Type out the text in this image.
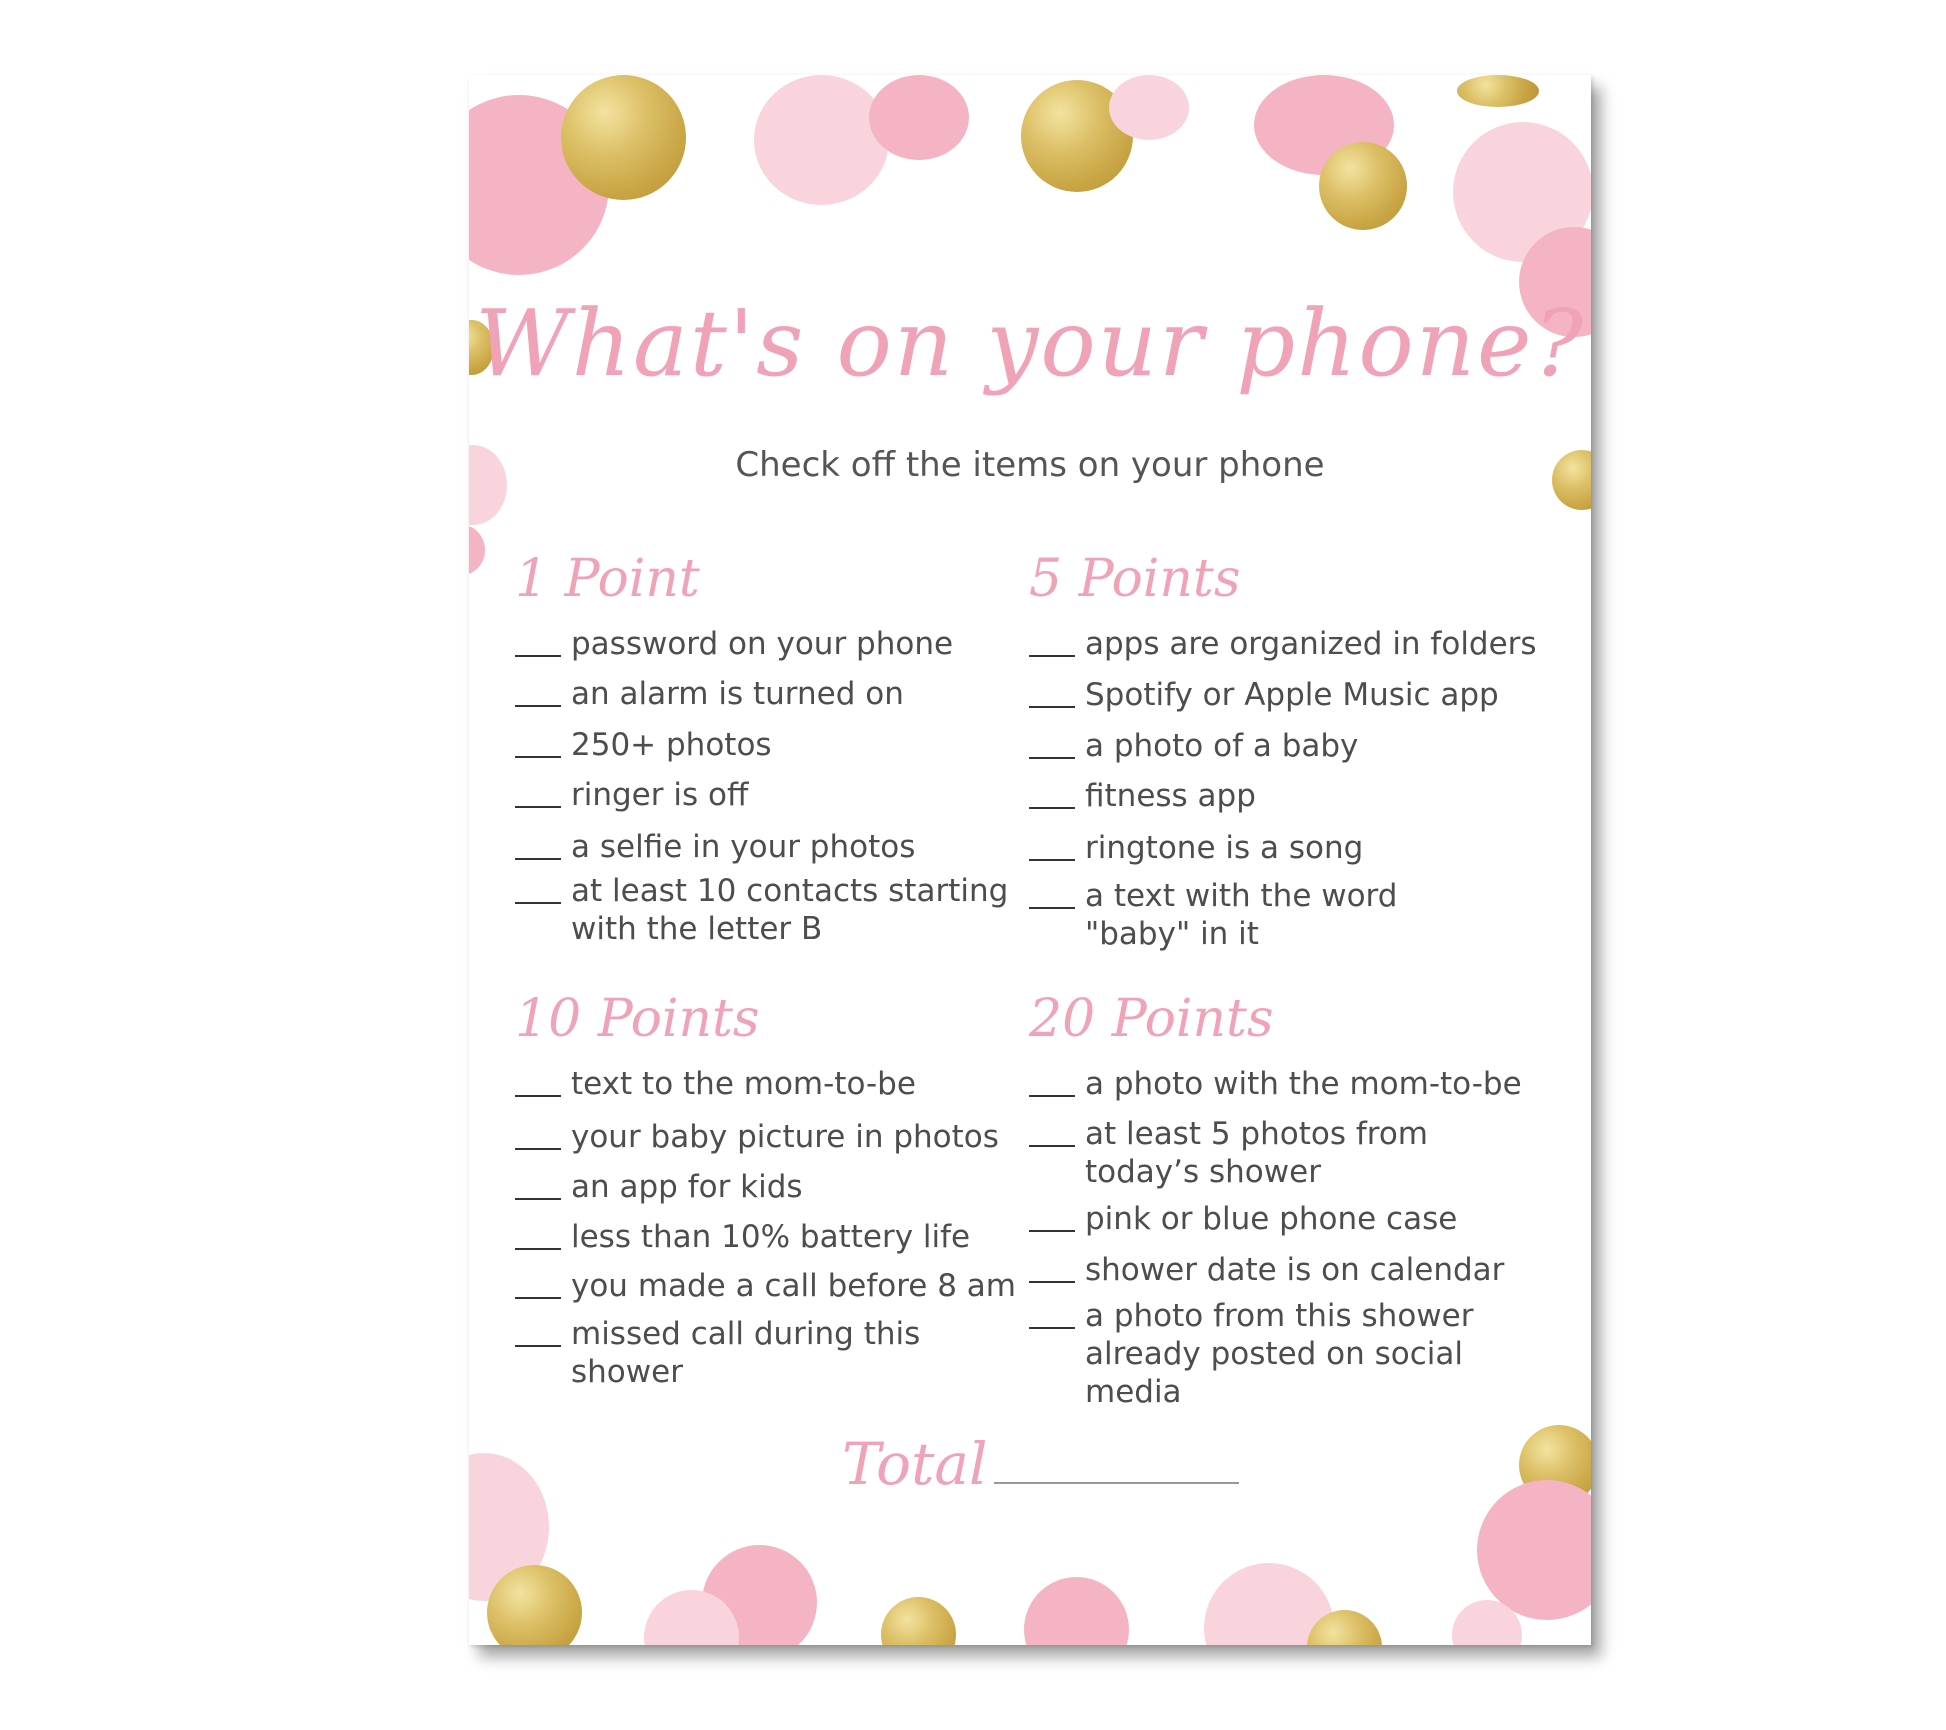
What's on your phone?
Check off the items on your phone
1 Point
password on your phone
an alarm is turned on
250+ photos
ringer is off
a selfie in your photos
at least 10 contacts starting with the letter B
5 Points
apps are organized in folders
Spotify or Apple Music app
a photo of a baby
fitness app
ringtone is a song
a text with the word "baby" in it
10 Points
text to the mom-to-be
your baby picture in photos
an app for kids
less than 10% battery life
you made a call before 8 am
missed call during this shower
20 Points
a photo with the mom-to-be
at least 5 photos from today’s shower
pink or blue phone case
shower date is on calendar
a photo from this shower already posted on social media
Total
